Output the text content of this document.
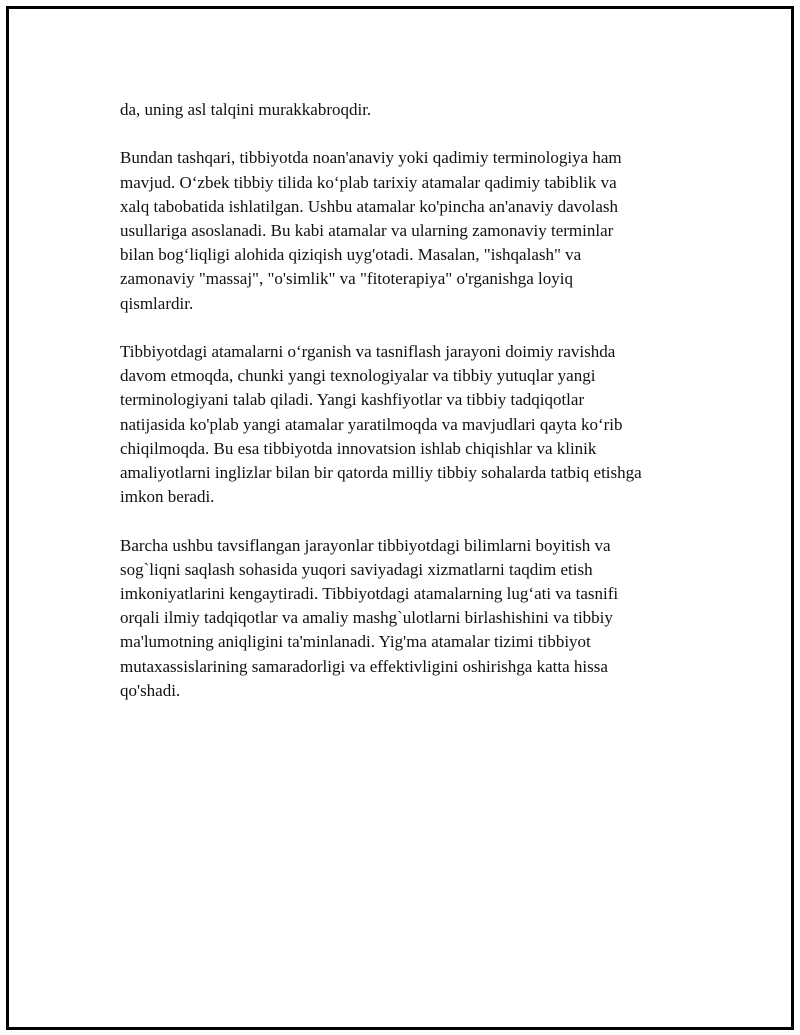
da, uning asl talqini murakkabroqdir.

Bundan tashqari, tibbiyotda noan'anaviy yoki qadimiy terminologiya ham
mavjud. O‘zbek tibbiy tilida ko‘plab tarixiy atamalar qadimiy tabiblik va
xalq tabobatida ishlatilgan. Ushbu atamalar ko'pincha an'anaviy davolash
usullariga asoslanadi. Bu kabi atamalar va ularning zamonaviy terminlar
bilan bog‘liqligi alohida qiziqish uyg'otadi. Masalan, "ishqalash" va
zamonaviy "massaj", "o'simlik" va "fitoterapiya" o'rganishga loyiq
qismlardir.

Tibbiyotdagi atamalarni o‘rganish va tasniflash jarayoni doimiy ravishda
davom etmoqda, chunki yangi texnologiyalar va tibbiy yutuqlar yangi
terminologiyani talab qiladi. Yangi kashfiyotlar va tibbiy tadqiqotlar
natijasida ko'plab yangi atamalar yaratilmoqda va mavjudlari qayta ko‘rib
chiqilmoqda. Bu esa tibbiyotda innovatsion ishlab chiqishlar va klinik
amaliyotlarni inglizlar bilan bir qatorda milliy tibbiy sohalarda tatbiq etishga
imkon beradi.

Barcha ushbu tavsiflangan jarayonlar tibbiyotdagi bilimlarni boyitish va
sog`liqni saqlash sohasida yuqori saviyadagi xizmatlarni taqdim etish
imkoniyatlarini kengaytiradi. Tibbiyotdagi atamalarning lug‘ati va tasnifi
orqali ilmiy tadqiqotlar va amaliy mashg`ulotlarni birlashishini va tibbiy
ma'lumotning aniqligini ta'minlanadi. Yig'ma atamalar tizimi tibbiyot
mutaxassislarining samaradorligi va effektivligini oshirishga katta hissa
qo'shadi.
